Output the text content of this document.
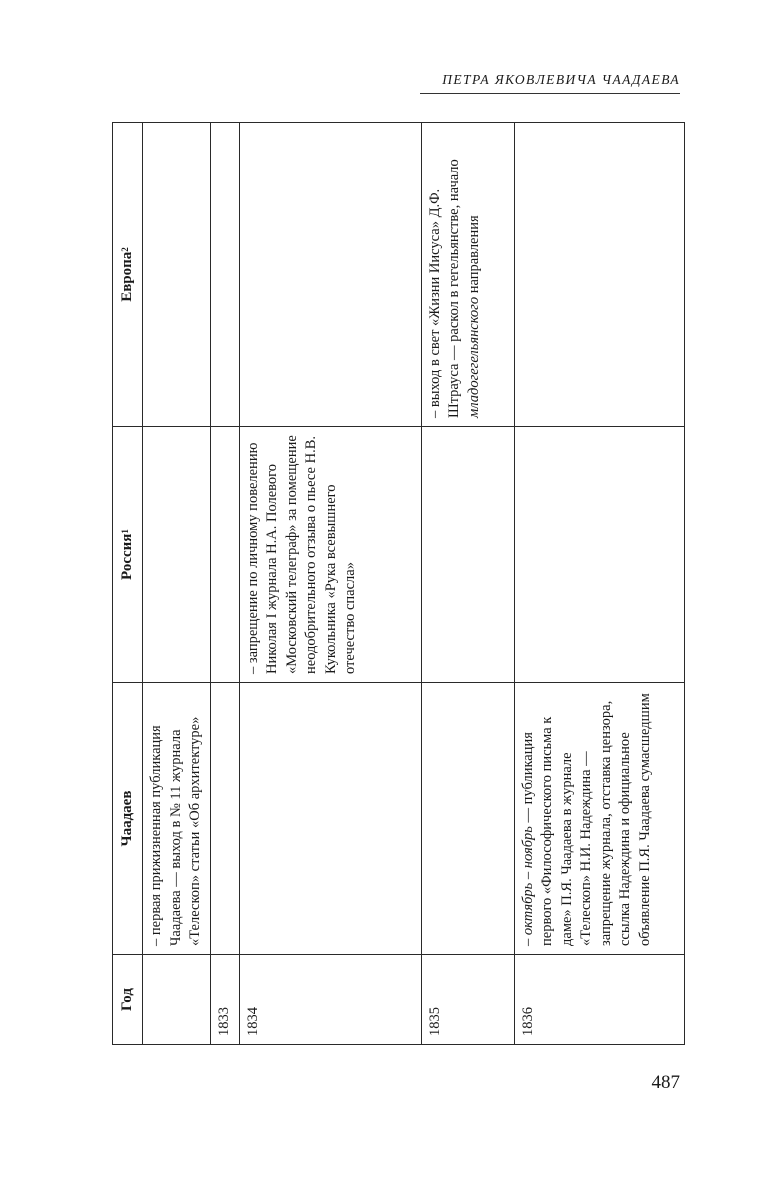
ПЕТРА ЯКОВЛЕВИЧА ЧААДАЕВА
Год	Чаадаев	Россия$^1$	Европа$^2$
	– первая прижизненная публикация Чаадаева — выход в № 11 журнала «Телескоп» статьи «Об архитектуре»		
1833			
1834		– запрещение по личному повелению Николая I журнала Н.А. Полевого «Московский телеграф» за помещение неодобрительного отзыва о пьесе Н.В. Кукольника «Рука всевышнего отечество спасла»	
1835			– выход в свет «Жизни Иисуса» Д.Ф. Штрауса — раскол в гегельянстве, начало младогегельянского направления
1836	– октябрь – ноябрь — публикация первого «Философического письма к даме» П.Я. Чаадаева в журнале «Телескоп» Н.И. Надеждина — запрещение журнала, отставка цензора, ссылка Надеждина и официальное объявление П.Я. Чаадаева сумасшедшим		
487
